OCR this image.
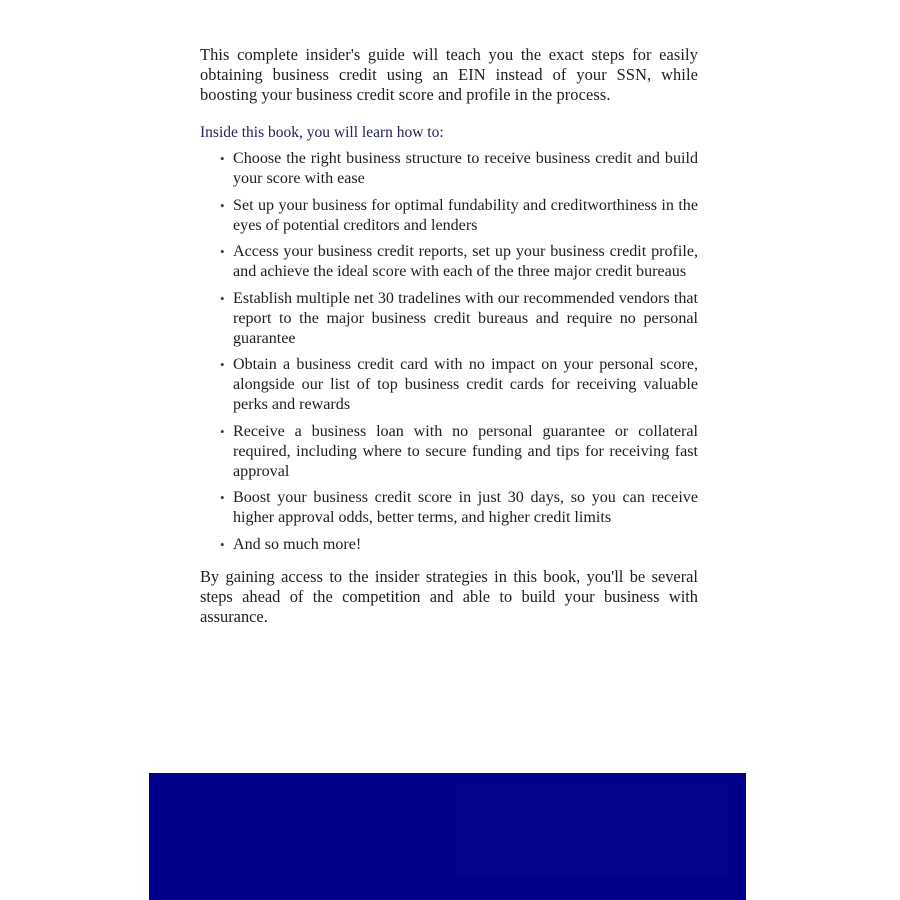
This complete insider's guide will teach you the exact steps for easily obtaining business credit using an EIN instead of your SSN, while boosting your business credit score and profile in the process.

Inside this book, you will learn how to:

• Choose the right business structure to receive business credit and build your score with ease
• Set up your business for optimal fundability and creditworthiness in the eyes of potential creditors and lenders
• Access your business credit reports, set up your business credit profile, and achieve the ideal score with each of the three major credit bureaus
• Establish multiple net 30 tradelines with our recommended vendors that report to the major business credit bureaus and require no personal guarantee
• Obtain a business credit card with no impact on your personal score, alongside our list of top business credit cards for receiving valuable perks and rewards
• Receive a business loan with no personal guarantee or collateral required, including where to secure funding and tips for receiving fast approval
• Boost your business credit score in just 30 days, so you can receive higher approval odds, better terms, and higher credit limits
• And so much more!

By gaining access to the insider strategies in this book, you'll be several steps ahead of the competition and able to build your business with assurance.
